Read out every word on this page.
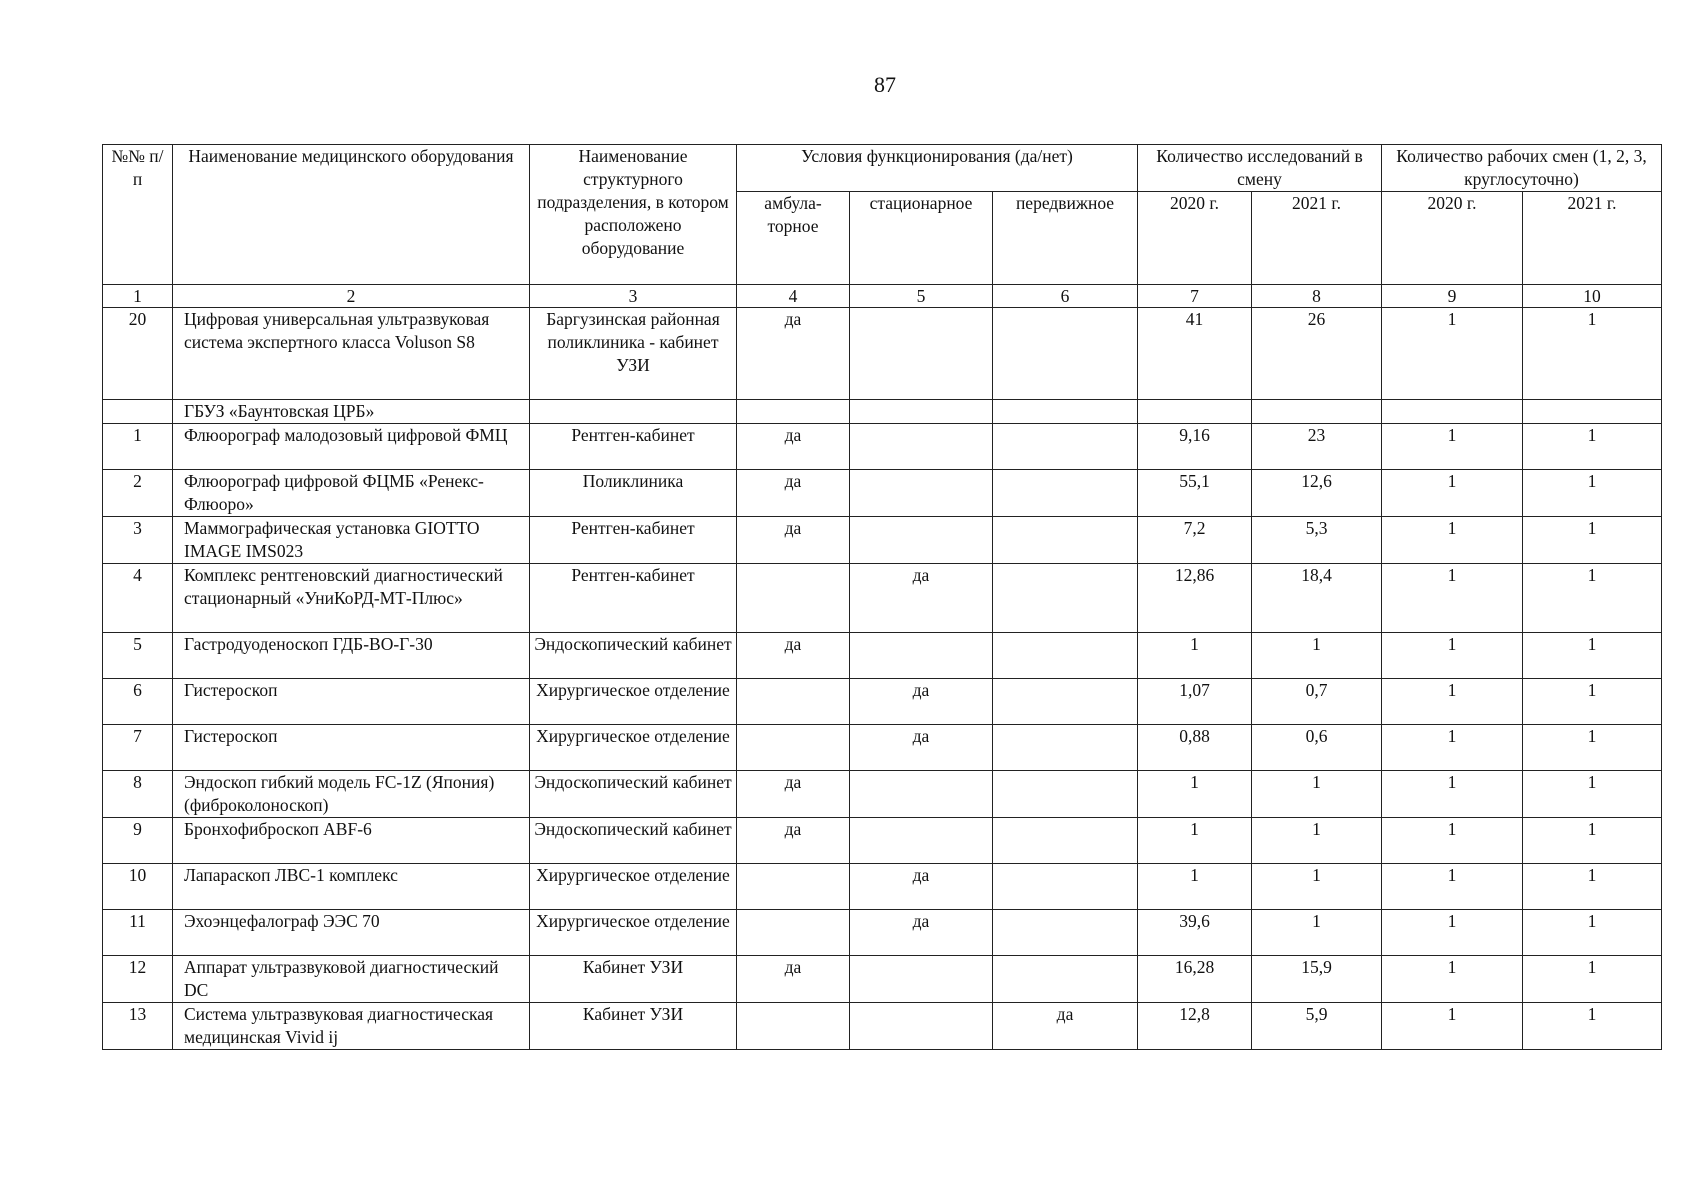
87
№№ п/п	Наименование медицинского оборудования	Наименование структурного подразделения, в котором расположено оборудование	Условия функционирования (да/нет)			Количество исследований в смену		Количество рабочих смен (1, 2, 3, круглосуточно)	
			амбула-торное	стационарное	передвижное	2020 г.	2021 г.	2020 г.	2021 г.
1	2	3	4	5	6	7	8	9	10
20	Цифровая универсальная ультразвуковая система экспертного класса Voluson S8	Баргузинская районная поликлиника - кабинет УЗИ	да			41	26	1	1
	ГБУЗ «Баунтовская ЦРБ»								
1	Флюорограф малодозовый цифровой ФМЦ	Рентген-кабинет	да			9,16	23	1	1
2	Флюорограф цифровой ФЦМБ «Ренекс-Флюоро»	Поликлиника	да			55,1	12,6	1	1
3	Маммографическая установка GIOTTO IMAGE IMS023	Рентген-кабинет	да			7,2	5,3	1	1
4	Комплекс рентгеновский диагностический стационарный «УниКоРД-МТ-Плюс»	Рентген-кабинет		да		12,86	18,4	1	1
5	Гастродуоденоскоп ГДБ-ВО-Г-30	Эндоскопический кабинет	да			1	1	1	1
6	Гистероскоп	Хирургическое отделение		да		1,07	0,7	1	1
7	Гистероскоп	Хирургическое отделение		да		0,88	0,6	1	1
8	Эндоскоп гибкий модель FC-1Z (Япония) (фиброколоноскоп)	Эндоскопический кабинет	да			1	1	1	1
9	Бронхофиброскоп ABF-6	Эндоскопический кабинет	да			1	1	1	1
10	Лапараскоп ЛВС-1 комплекс	Хирургическое отделение		да		1	1	1	1
11	Эхоэнцефалограф ЭЭС 70	Хирургическое отделение		да		39,6	1	1	1
12	Аппарат ультразвуковой диагностический DC	Кабинет УЗИ	да			16,28	15,9	1	1
13	Система ультразвуковая диагностическая медицинская Vivid ij	Кабинет УЗИ			да	12,8	5,9	1	1
